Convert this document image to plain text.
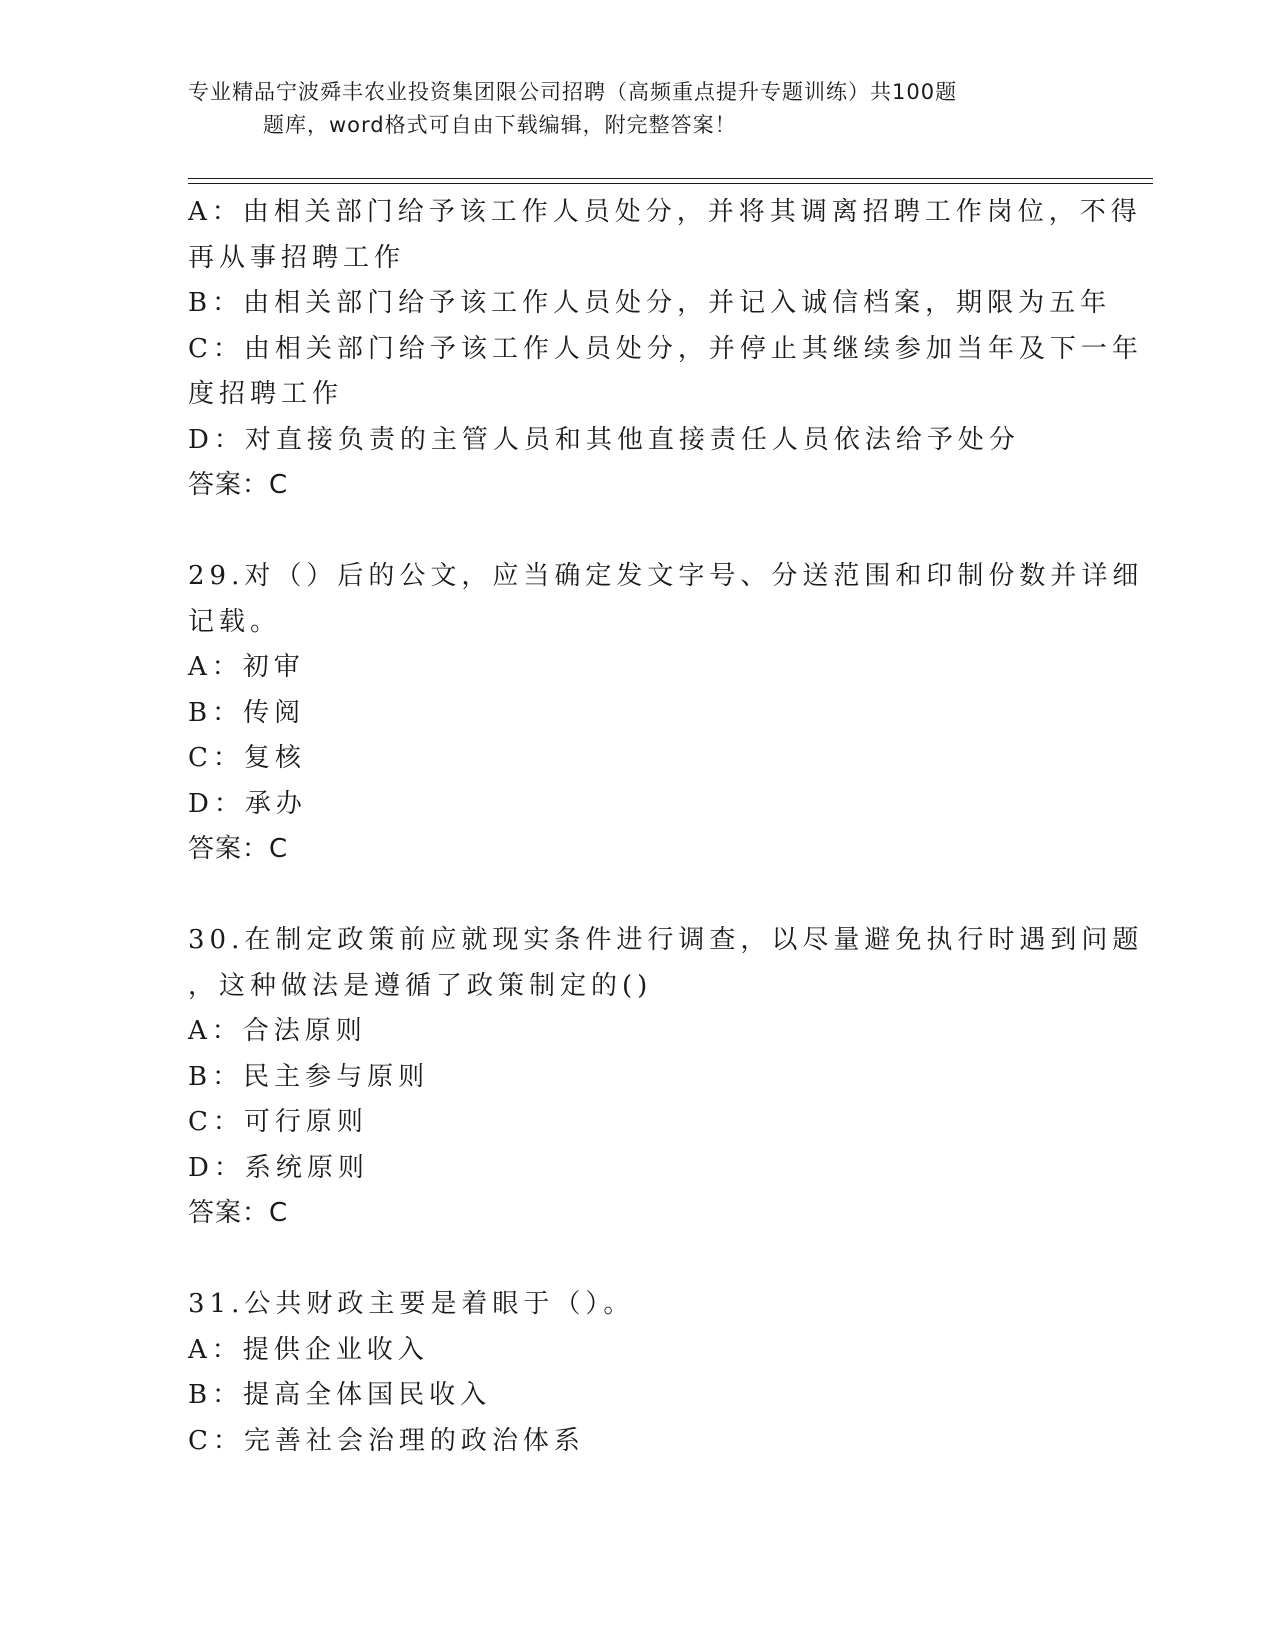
专业精品宁波舜丰农业投资集团限公司招聘（高频重点提升专题训练）共100题
题库，word格式可自由下载编辑，附完整答案！
A：由相关部门给予该工作人员处分，并将其调离招聘工作岗位，不得
再从事招聘工作
B：由相关部门给予该工作人员处分，并记入诚信档案，期限为五年
C：由相关部门给予该工作人员处分，并停止其继续参加当年及下一年
度招聘工作
D：对直接负责的主管人员和其他直接责任人员依法给予处分
答案：C
29.对（）后的公文，应当确定发文字号、分送范围和印制份数并详细
记载。
A：初审
B：传阅
C：复核
D：承办
答案：C
30.在制定政策前应就现实条件进行调查，以尽量避免执行时遇到问题
，这种做法是遵循了政策制定的()
A：合法原则
B：民主参与原则
C：可行原则
D：系统原则
答案：C
31.公共财政主要是着眼于（）。
A：提供企业收入
B：提高全体国民收入
C：完善社会治理的政治体系
